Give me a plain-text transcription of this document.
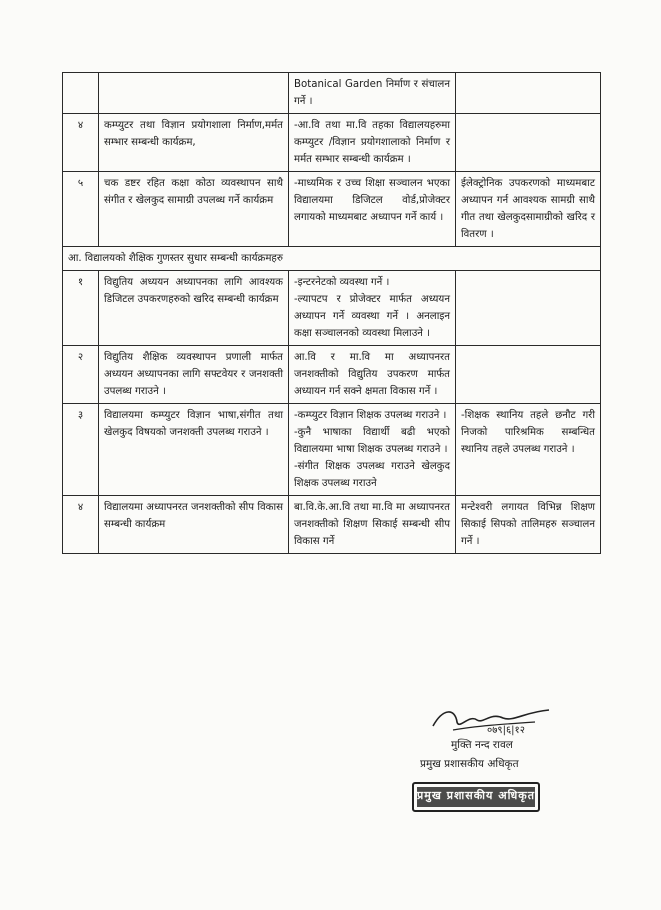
		Botanical Garden निर्माण र संचालन गर्ने ।	

४	कम्प्युटर तथा विज्ञान प्रयोगशाला निर्माण,मर्मत सम्भार सम्बन्धी कार्यक्रम,	-आ.वि तथा मा.वि तहका विद्यालयहरुमा कम्प्युटर /विज्ञान प्रयोगशालाको निर्माण र मर्मत सम्भार सम्बन्धी कार्यक्रम ।	

५	चक डष्टर रहित कक्षा कोठा व्यवस्थापन साथै संगीत र खेलकुद सामाग्री उपलब्ध गर्ने कार्यक्रम	-माध्यमिक र उच्च शिक्षा सञ्चालन भएका विद्यालयमा डिजिटल वोर्ड,प्रोजेक्टर लगायको माध्यमबाट अध्यापन गर्ने कार्य ।	ईलेक्ट्रोनिक उपकरणको माध्यमबाट अध्यापन गर्न आवश्यक सामग्री साथै गीत तथा खेलकुदसामाग्रीको खरिद र वितरण ।

आ. विद्यालयको शैक्षिक गुणस्तर सुधार सम्बन्धी कार्यक्रमहरु			
१	विद्युतिय अध्ययन अध्यापनका लागि आवश्यक डिजिटल उपकरणहरुको खरिद सम्बन्धी कार्यक्रम	-इन्टरनेटको व्यवस्था गर्ने ।
-ल्यापटप र प्रोजेक्टर मार्फत अध्ययन अध्यापन गर्ने व्यवस्था गर्ने । अनलाइन कक्षा सञ्चालनको व्यवस्था मिलाउने ।	

२	विद्युतिय शैक्षिक व्यवस्थापन प्रणाली मार्फत अध्ययन अध्यापनका लागि सफ्टवेयर र जनशक्ती उपलब्ध गराउने ।	आ.वि र मा.वि मा अध्यापनरत जनशक्तीको विद्युतिय उपकरण मार्फत अध्यायन गर्न सक्ने क्षमता विकास गर्ने ।	

३	विद्यालयमा कम्प्युटर विज्ञान भाषा,संगीत तथा खेलकुद विषयको जनशक्ती उपलब्ध गराउने ।	-कम्प्युटर विज्ञान शिक्षक उपलब्ध गराउने ।
-कुनै भाषाका विद्यार्थी बढी भएको विद्यालयमा भाषा शिक्षक उपलब्ध गराउने ।
-संगीत शिक्षक उपलब्ध गराउने खेलकुद शिक्षक उपलब्ध गराउने	-शिक्षक स्थानिय तहले छनौट गरी निजको पारिश्रमिक सम्बन्धित स्थानिय तहले उपलब्ध गराउने ।

४	विद्यालयमा अध्यापनरत जनशक्तीको सीप विकास सम्बन्धी कार्यक्रम	बा.वि.के.आ.वि तथा मा.वि मा अध्यापनरत जनशक्तीको शिक्षण सिकाई सम्बन्धी सीप विकास गर्ने	मन्टेश्वरी लगायत विभिन्न शिक्षण सिकाई सिपको तालिमहरु सञ्चालन गर्ने ।
०७९|६|१२
मुक्ति नन्द रावल
प्रमुख प्रशासकीय अधिकृत
प्रमुख प्रशासकीय अधिकृत
